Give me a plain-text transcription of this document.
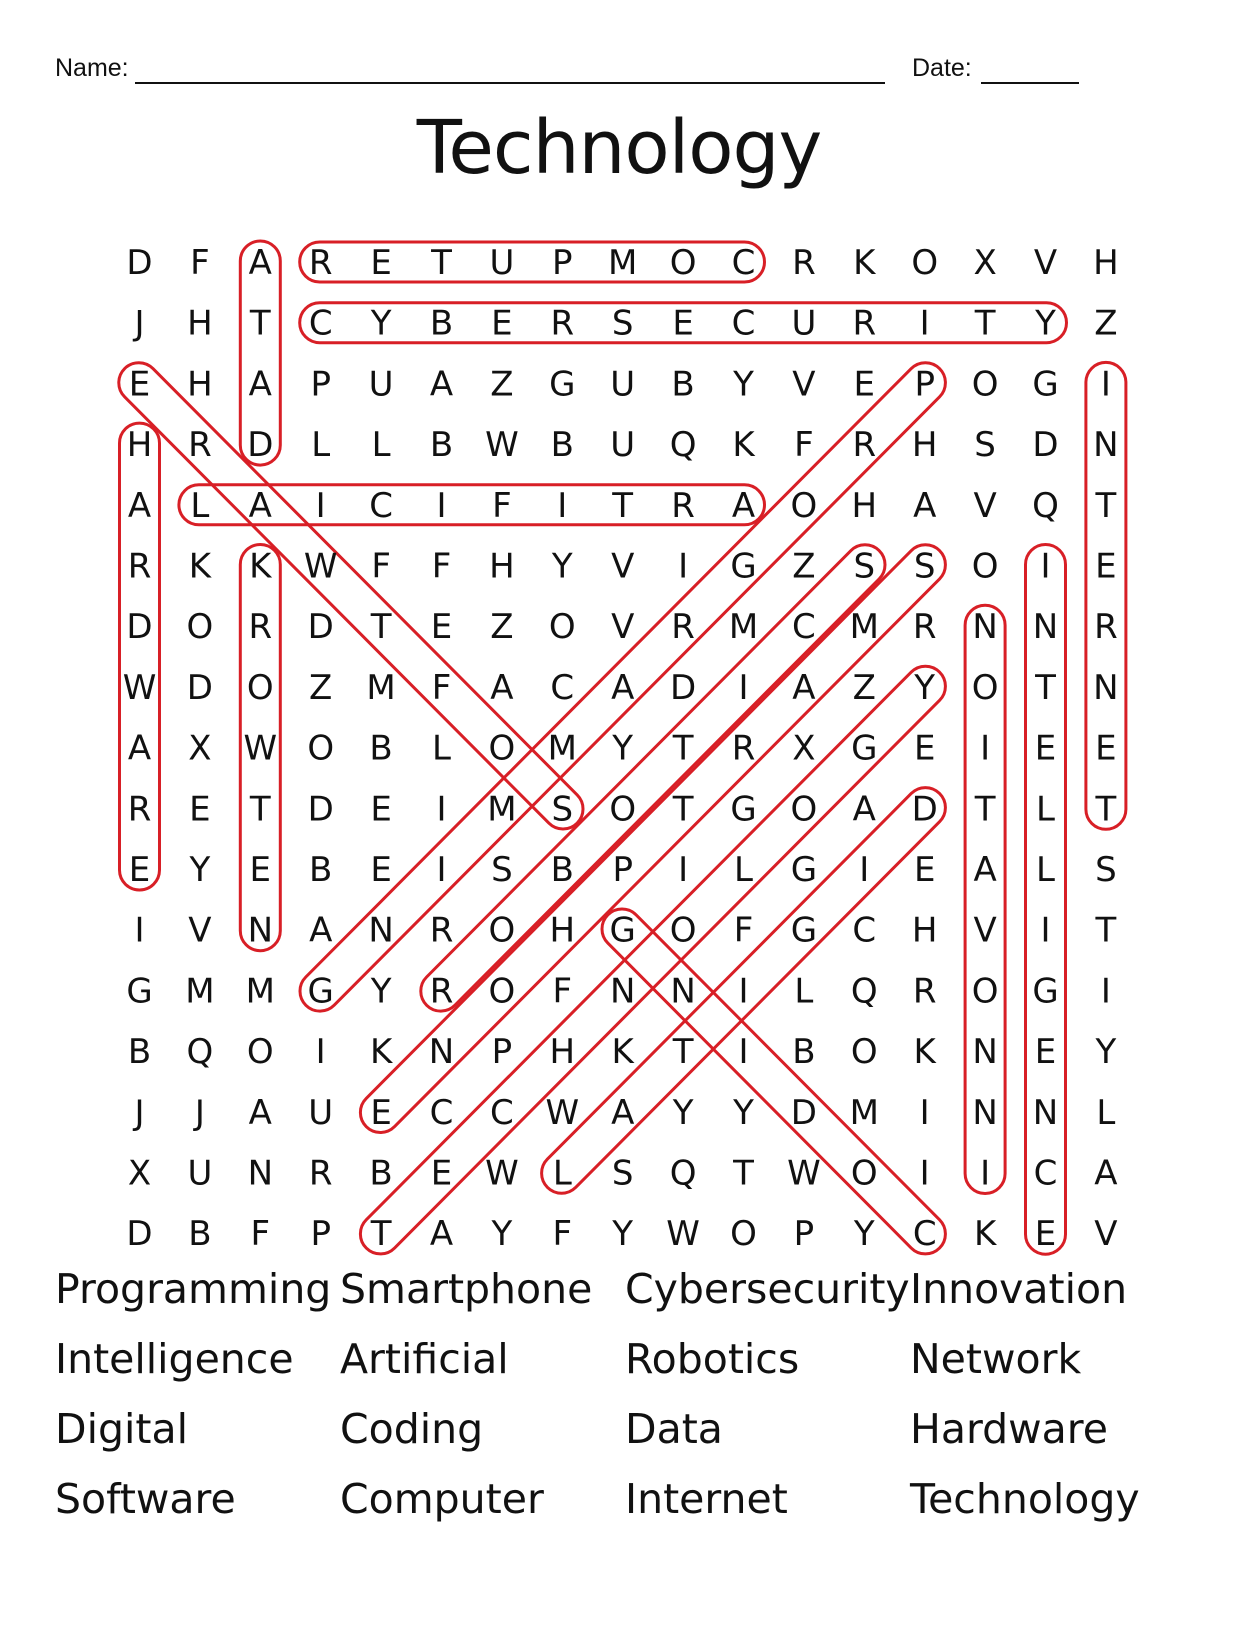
Name:	Date:
Technology
D F A R E T U P M O C R K O X V H
J H T C Y B E R S E C U R I T Y Z
E H A P U A Z G U B Y V E P O G I
H R D L L B W B U Q K F R H S D N
A L A I C I F I T R A O H A V Q T
R K K W F F H Y V I G Z S S O I E
D O R D T E Z O V R M C M R N N R
W D O Z M F A C A D I A Z Y O T N
A X W O B L O M Y T R X G E I E E
R E T D E I M S O T G O A D T L T
E Y E B E I S B P I L G I E A L S
I V N A N R O H G O F G C H V I T
G M M G Y R O F N N I L Q R O G I
B Q O I K N P H K T I B O K N E Y
J J A U E C C W A Y Y D M I N N L
X U N R B E W L S Q T W O I I C A
D B F P T A Y F Y W O P Y C K E V
Programming Smartphone Cybersecurity Innovation
Intelligence Artificial	Robotics	Network
Digital	Coding	Data	Hardware
Software	Computer Internet	Technology
